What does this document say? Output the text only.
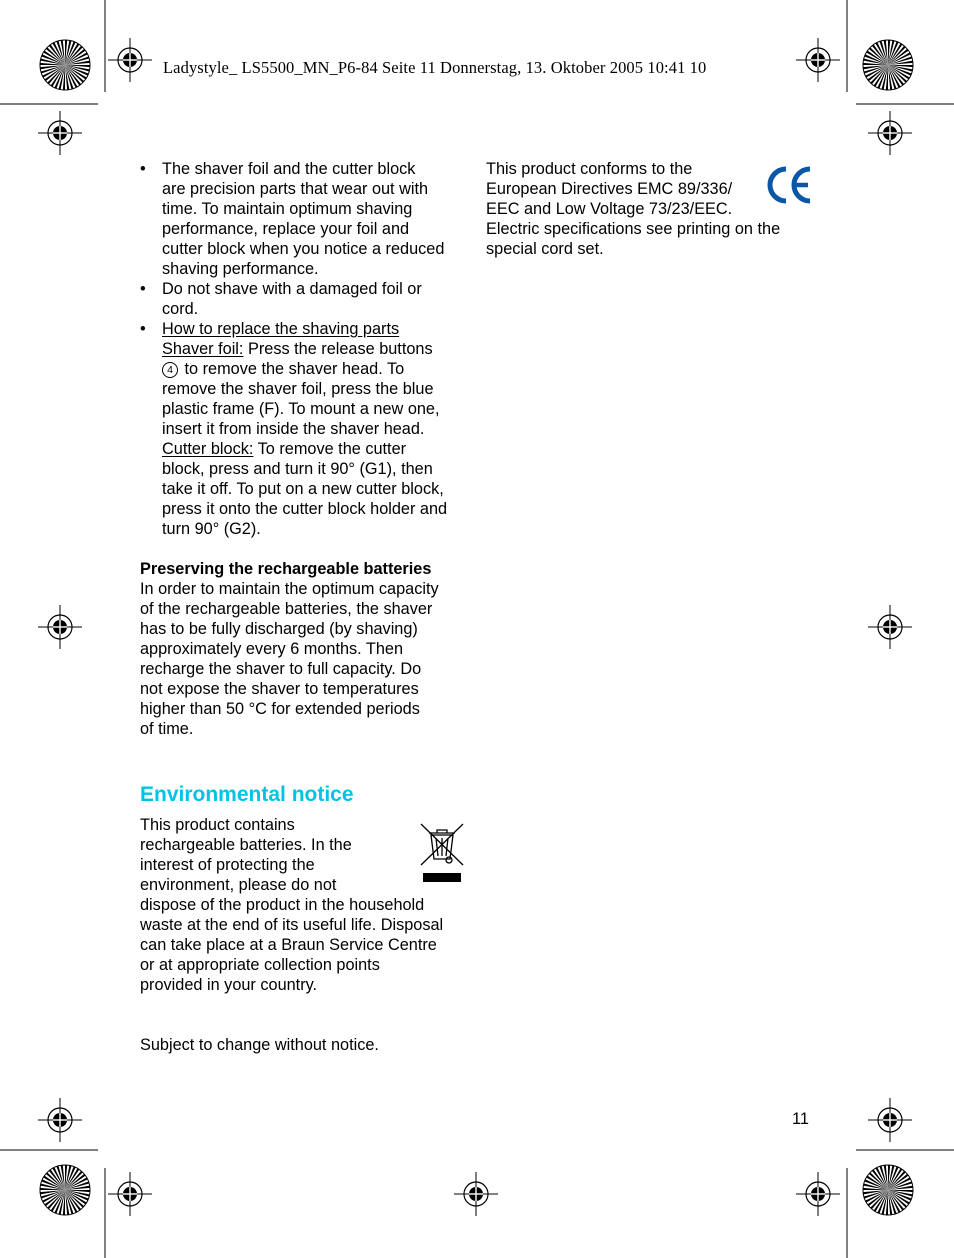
Ladystyle_ LS5500_MN_P6-84 Seite 11 Donnerstag, 13. Oktober 2005 10:41 10
• The shaver foil and the cutter block
are precision parts that wear out with
time. To maintain optimum shaving
performance, replace your foil and
cutter block when you notice a reduced
shaving performance.
• Do not shave with a damaged foil or
cord.
• How to replace the shaving parts
Shaver foil: Press the release buttons
4 to remove the shaver head. To
remove the shaver foil, press the blue
plastic frame (F). To mount a new one,
insert it from inside the shaver head.
Cutter block: To remove the cutter
block, press and turn it 90° (G1), then
take it off. To put on a new cutter block,
press it onto the cutter block holder and
turn 90° (G2).
Preserving the rechargeable batteries
In order to maintain the optimum capacity
of the rechargeable batteries, the shaver
has to be fully discharged (by shaving)
approximately every 6 months. Then
recharge the shaver to full capacity. Do
not expose the shaver to temperatures
higher than 50 °C for extended periods
of time.
Environmental notice
This product contains
rechargeable batteries. In the
interest of protecting the
environment, please do not
dispose of the product in the household
waste at the end of its useful life. Disposal
can take place at a Braun Service Centre
or at appropriate collection points
provided in your country.
Subject to change without notice.
This product conforms to the
European Directives EMC 89/336/
EEC and Low Voltage 73/23/EEC.
Electric specifications see printing on the
special cord set.
11
